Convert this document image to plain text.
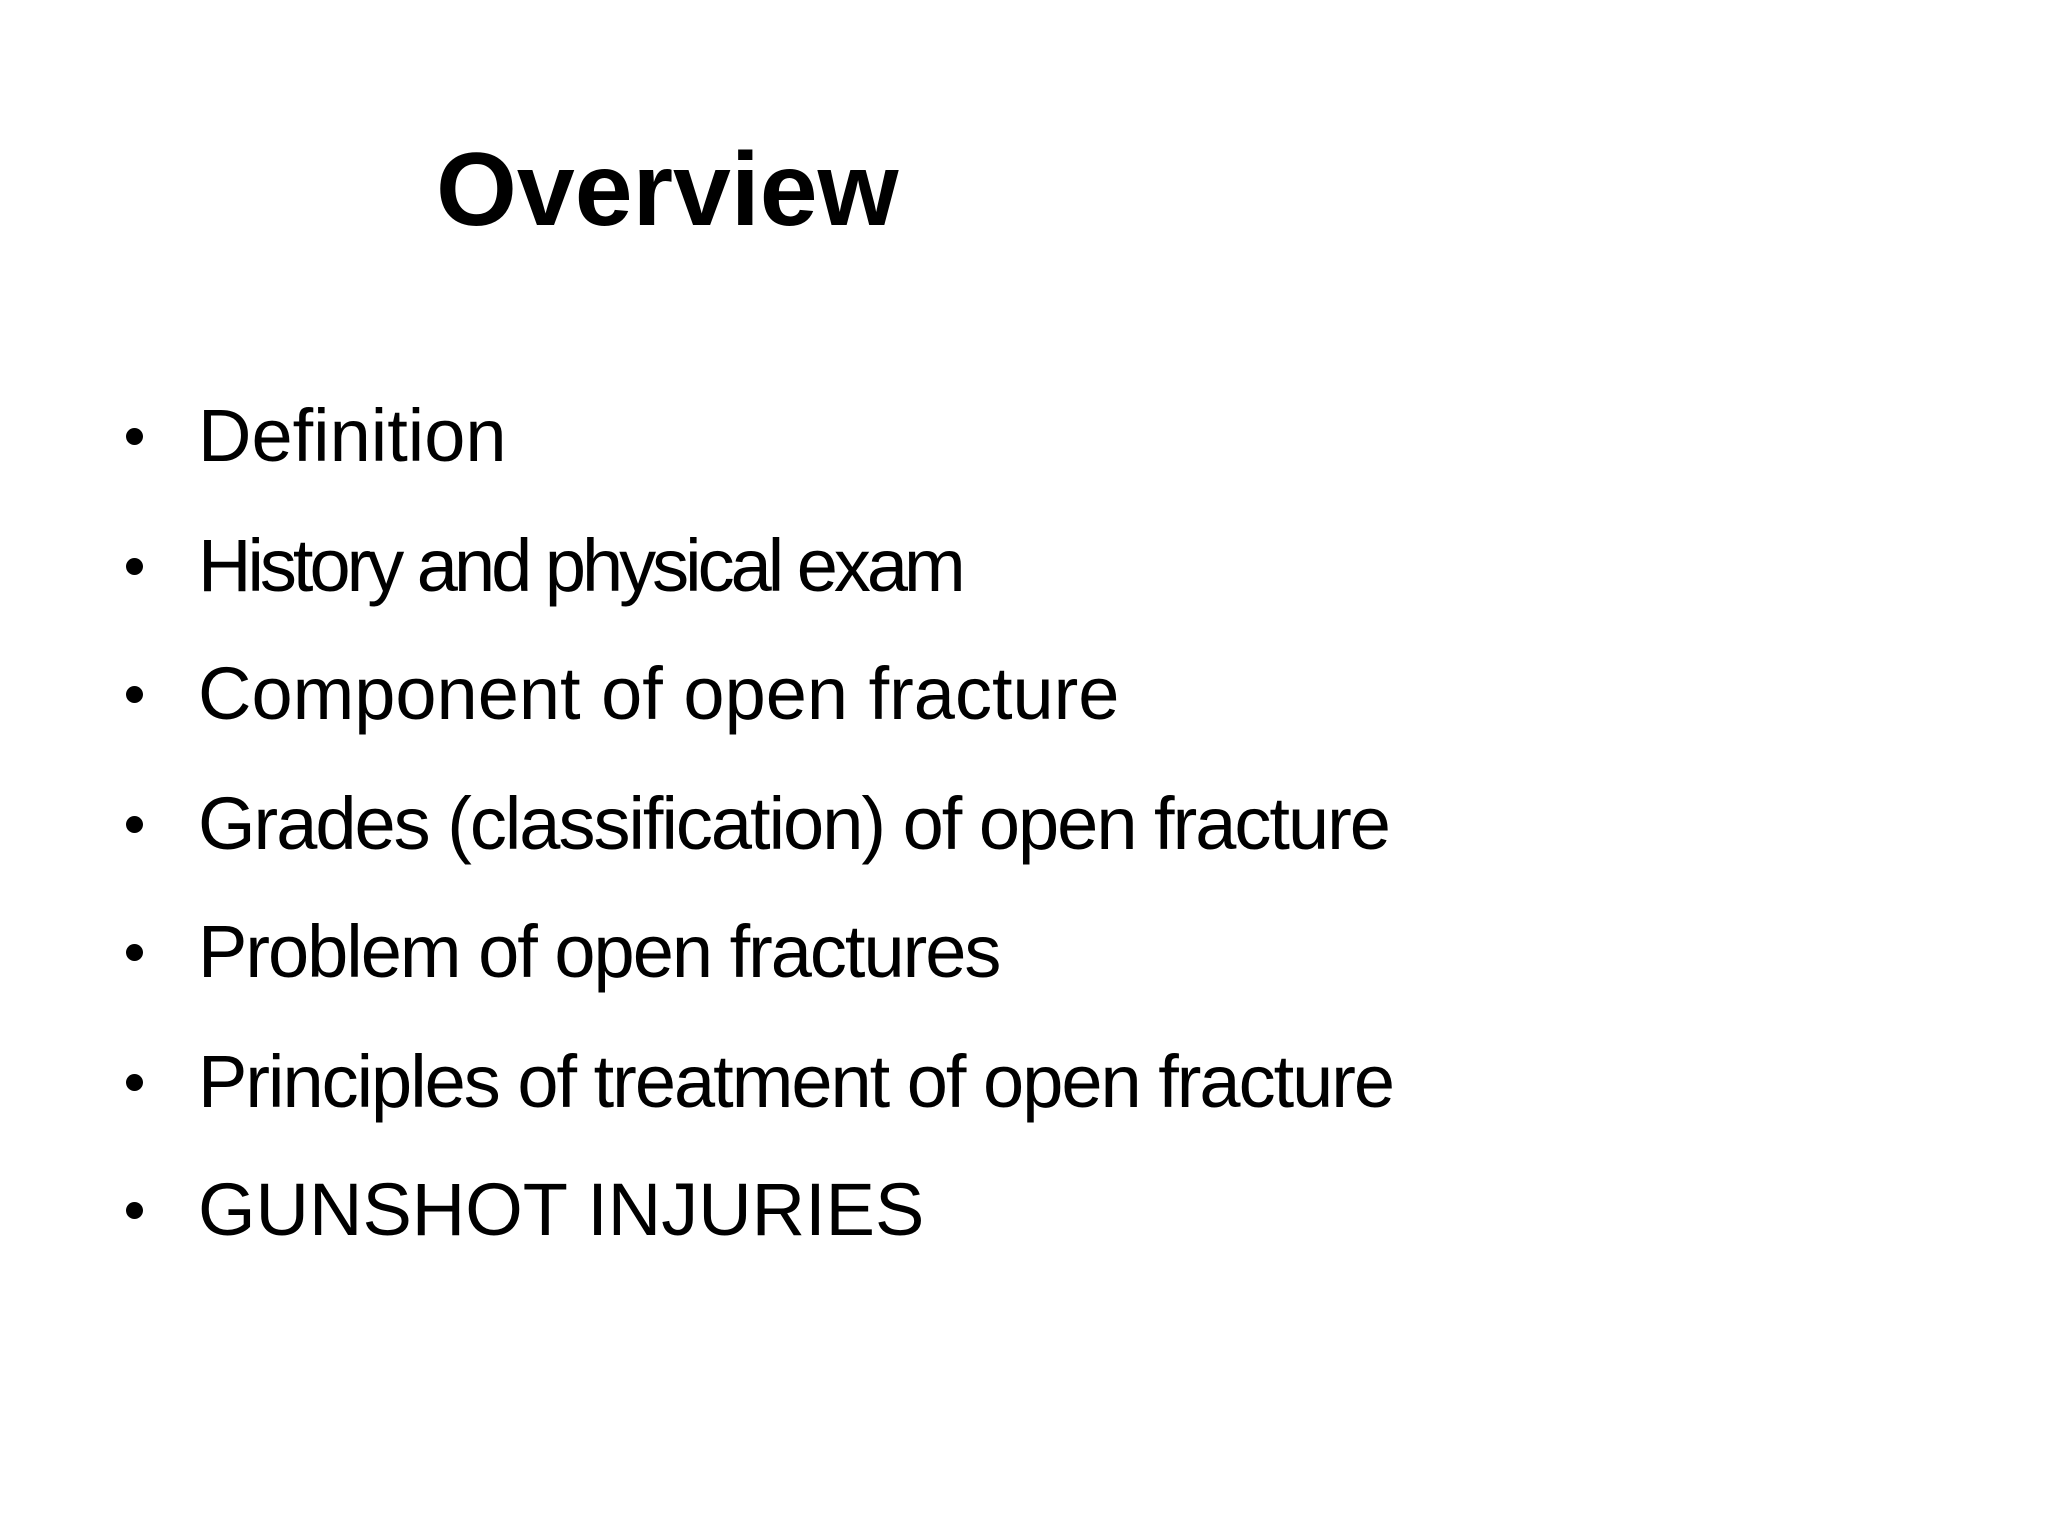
Overview
Definition
History and physical exam
Component of open fracture
Grades (classification) of open fracture
Problem of open fractures
Principles of treatment of open fracture
GUNSHOT INJURIES
